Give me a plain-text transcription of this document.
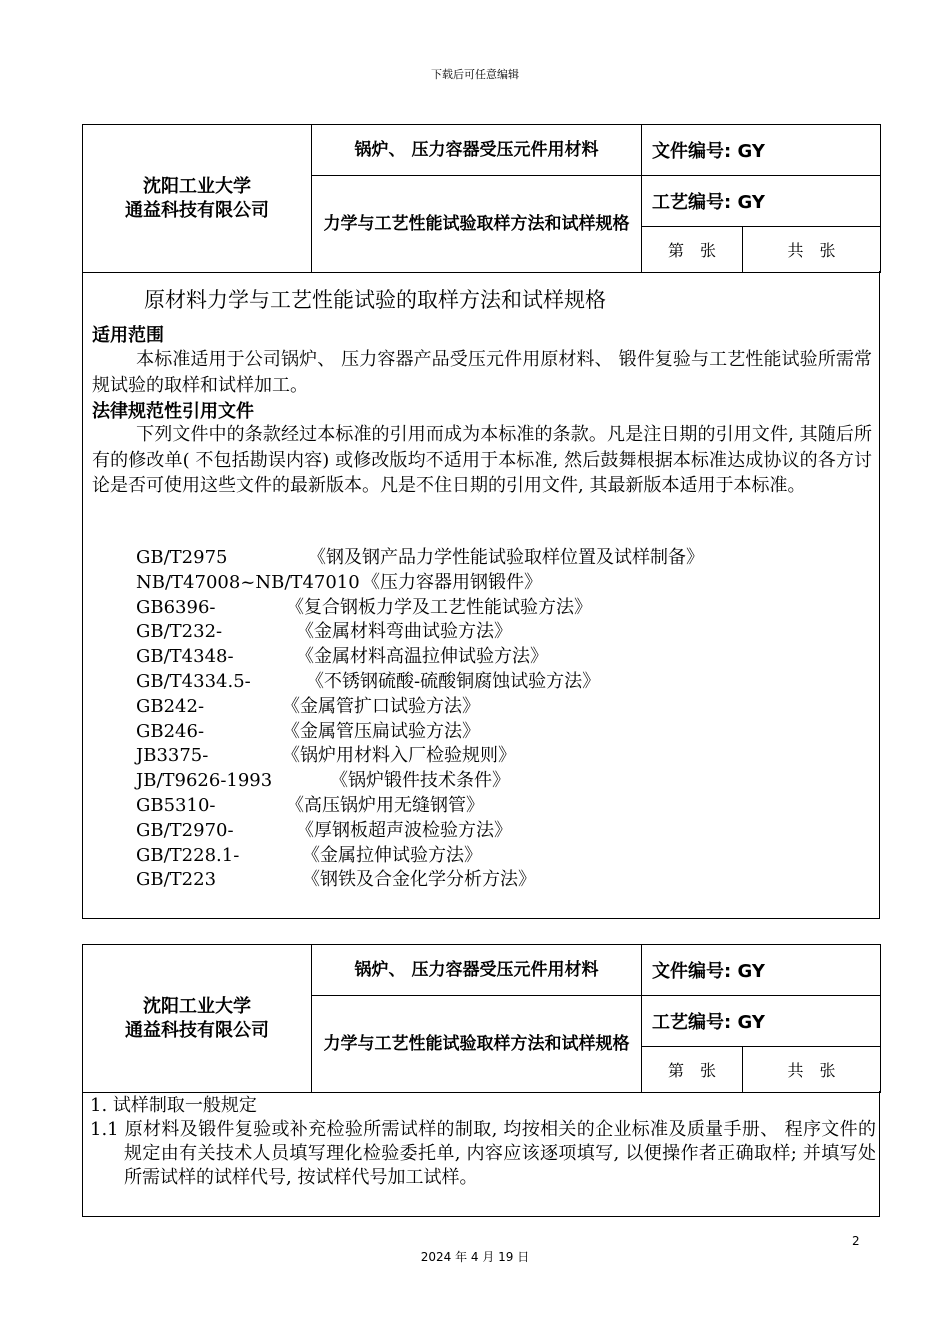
下载后可任意编辑
沈阳工业大学
通益科技有限公司	锅炉、 压力容器受压元件用材料	文件编号: GY	
	力学与工艺性能试验取样方法和试样规格	工艺编号: GY	
		第 张	共 张
原材料力学与工艺性能试验的取样方法和试样规格
适用范围
本标准适用于公司锅炉、 压力容器产品受压元件用原材料、 锻件复验与工艺性能试验所需常规试验的取样和试样加工。
法律规范性引用文件
下列文件中的条款经过本标准的引用而成为本标准的条款。凡是注日期的引用文件, 其随后所有的修改单( 不包括勘误内容) 或修改版均不适用于本标准, 然后鼓舞根据本标准达成协议的各方讨论是否可使用这些文件的最新版本。凡是不住日期的引用文件, 其最新版本适用于本标准。
GB/T2975	《钢及钢产品力学性能试验取样位置及试样制备》
NB/T47008~NB/T47010 《压力容器用钢锻件》
GB6396-	《复合钢板力学及工艺性能试验方法》
GB/T232-	《金属材料弯曲试验方法》
GB/T4348-	《金属材料高温拉伸试验方法》
GB/T4334.5-	《不锈钢硫酸-硫酸铜腐蚀试验方法》
GB242-	《金属管扩口试验方法》
GB246-	《金属管压扁试验方法》
JB3375-	《锅炉用材料入厂检验规则》
JB/T9626-1993	《锅炉锻件技术条件》
GB5310-	《高压锅炉用无缝钢管》
GB/T2970-	《厚钢板超声波检验方法》
GB/T228.1-	《金属拉伸试验方法》
GB/T223	《钢铁及合金化学分析方法》
沈阳工业大学
通益科技有限公司	锅炉、 压力容器受压元件用材料	文件编号: GY	
	力学与工艺性能试验取样方法和试样规格	工艺编号: GY	
		第 张	共 张
1. 试样制取一般规定
1.1 原材料及锻件复验或补充检验所需试样的制取, 均按相关的企业标准及质量手册、 程序文件的规定由有关技术人员填写理化检验委托单, 内容应该逐项填写, 以便操作者正确取样; 并填写处所需试样的试样代号, 按试样代号加工试样。
2
2024 年 4 月 19 日
